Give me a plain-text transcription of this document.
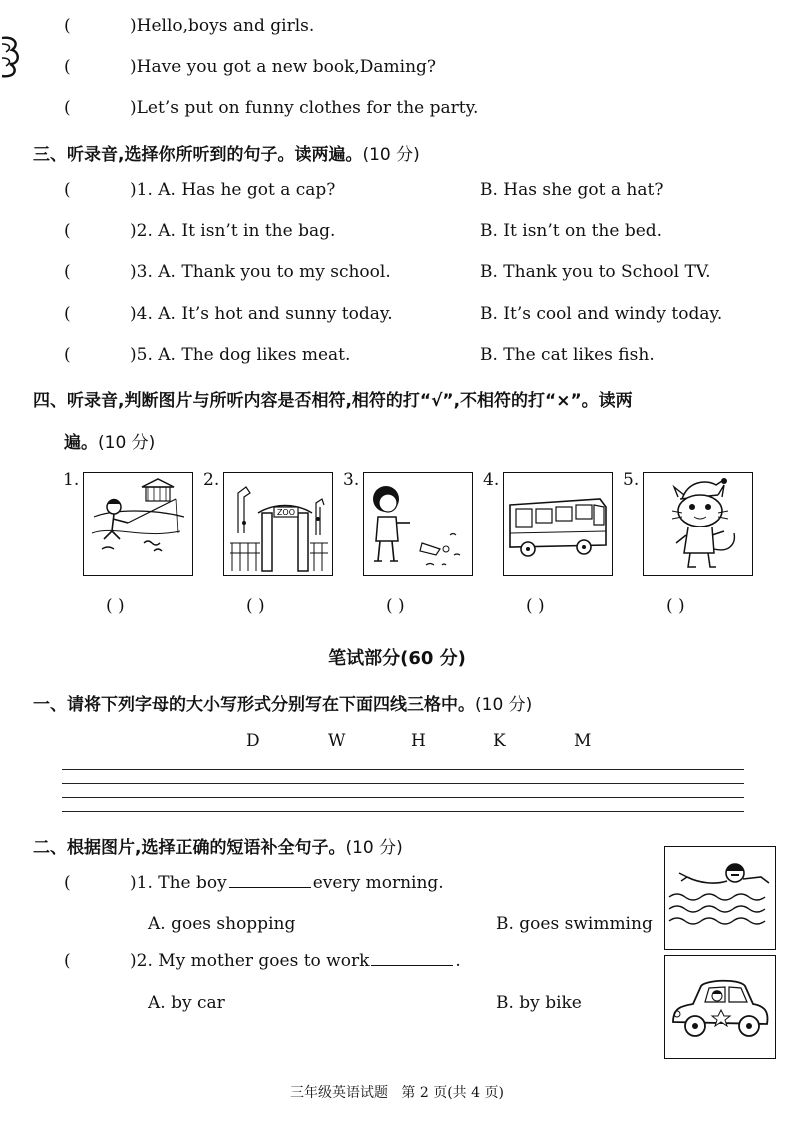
(	)Hello,boys and girls.
(	)Have you got a new book,Daming?
(	)Let’s put on funny clothes for the party.
三、听录音,选择你所听到的句子。读两遍。(10 分)
(	)1. A. Has he got a cap?	B. Has she got a hat?
(	)2. A. It isn’t in the bag.	B. It isn’t on the bed.
(	)3. A. Thank you to my school.	B. Thank you to School TV.
(	)4. A. It’s hot and sunny today.	B. It’s cool and windy today.
(	)5. A. The dog likes meat.	B. The cat likes fish.
四、听录音,判断图片与所听内容是否相符,相符的打“√”,不相符的打“×”。读两
遍。(10 分)
1.
( )
2.
ZOO
( )
3.
( )
4.
( )
5.
( )
笔试部分(60 分)
一、请将下列字母的大小写形式分别写在下面四线三格中。(10 分)
D	W	H	K	M
二、根据图片,选择正确的短语补全句子。(10 分)
(	)1. The boy	every morning.
A. goes shopping	B. goes swimming
(	)2. My mother goes to work	.
A. by car	B. by bike
三年级英语试题   第 2 页(共 4 页)
